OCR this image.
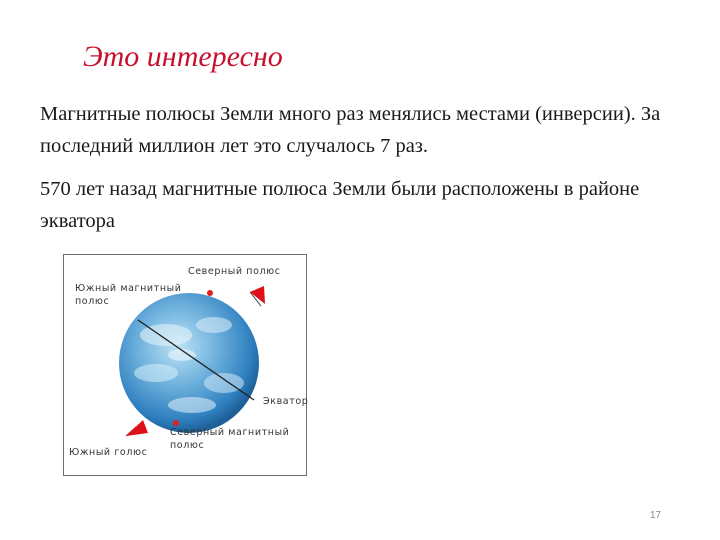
Это интересно

Магнитные полюсы Земли много раз менялись местами (инверсии). За последний миллион лет это случалось 7 раз.

570 лет назад магнитные полюса Земли были расположены в районе экватора

Северный полюс
Южный магнитный полюс
Экватор
Северный магнитный полюс
Южный голюс
17
